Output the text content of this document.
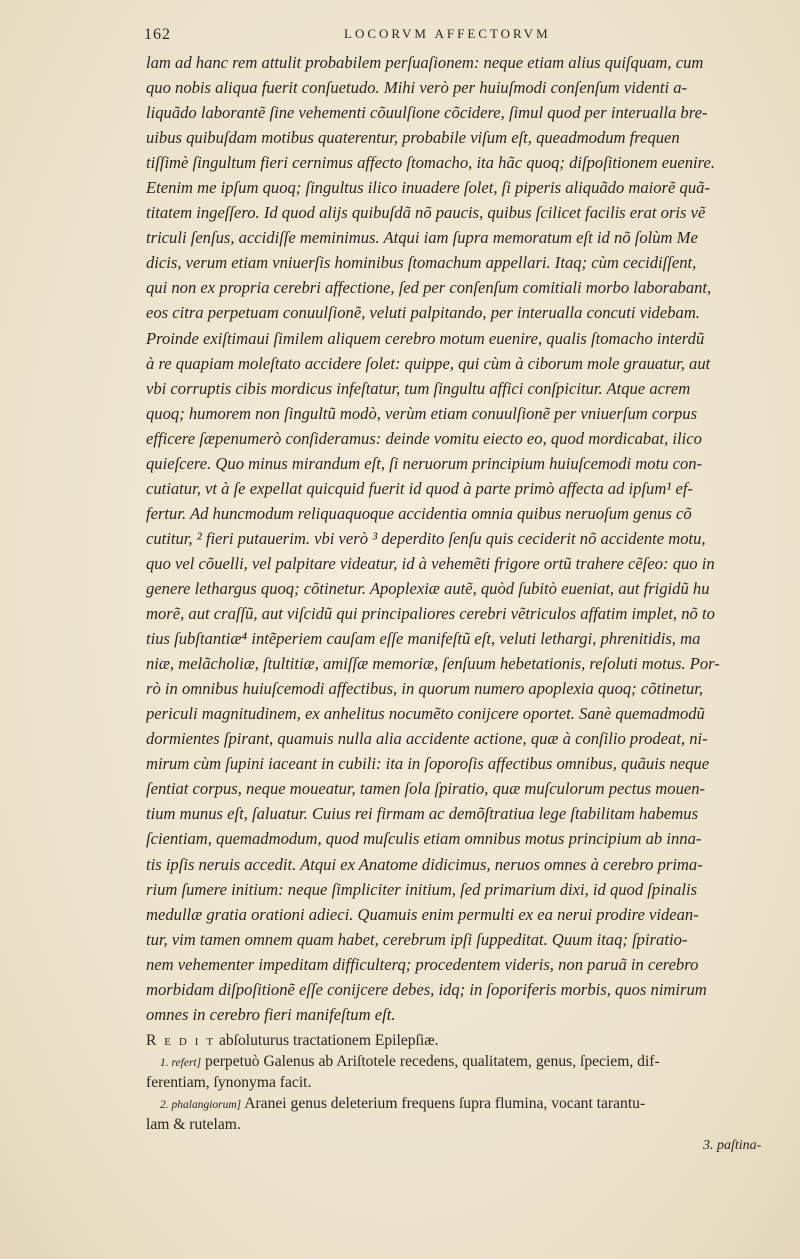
162	LOCORVM AFFECTORVM
lam ad hanc rem attulit probabilem perſuaſionem: neque etiam alius quiſquam, cum
quo nobis aliqua fuerit conſuetudo. Mihi verò per huiuſmodi conſenſum videnti a-
liquãdo laborantẽ ſine vehementi cõuulſione cõcidere, ſimul quod per interualla bre-
uibus quibuſdam motibus quaterentur, probabile viſum eſt, queadmodum frequen
tiſſimè ſingultum fieri cernimus affecto ſtomacho, ita hãc quoq; diſpoſitionem euenire.
Etenim me ipſum quoq; ſingultus ilico inuadere ſolet, ſi piperis aliquãdo maiorẽ quã-
titatem ingeſſero. Id quod alijs quibuſdã nõ paucis, quibus ſcilicet facilis erat oris vẽ
triculi ſenſus, accidiſſe meminimus. Atqui iam ſupra memoratum eſt id nõ ſolùm Me
dicis, verum etiam vniuerſis hominibus ſtomachum appellari. Itaq; cùm cecidiſſent,
qui non ex propria cerebri affectione, ſed per conſenſum comitiali morbo laborabant,
eos citra perpetuam conuulſionẽ, veluti palpitando, per interualla concuti videbam.
Proinde exiſtimaui ſimilem aliquem cerebro motum euenire, qualis ſtomacho interdũ
à re quapiam moleſtato accidere ſolet: quippe, qui cùm à ciborum mole grauatur, aut
vbi corruptis cibis mordicus infeſtatur, tum ſingultu affici conſpicitur. Atque acrem
quoq; humorem non ſingultũ modò, verùm etiam conuulſionẽ per vniuerſum corpus
efficere ſæpenumerò conſideramus: deinde vomitu eiecto eo, quod mordicabat, ilico
quieſcere. Quo minus mirandum eſt, ſi neruorum principium huiuſcemodi motu con-
cutiatur, vt à ſe expellat quicquid fuerit id quod à parte primò affecta ad ipſum¹ ef-
fertur. Ad huncmodum reliquaquoque accidentia omnia quibus neruoſum genus cõ
cutitur, ² fieri putauerim. vbi verò ³ deperdito ſenſu quis ceciderit nõ accidente motu,
quo vel cõuelli, vel palpitare videatur, id à vehemẽti frigore ortũ trahere cẽſeo: quo in
genere lethargus quoq; cõtinetur. Apoplexiæ autẽ, quòd ſubitò eueniat, aut frigidũ hu
morẽ, aut craſſũ, aut viſcidũ qui principaliores cerebri vẽtriculos affatim implet, nõ to
tius ſubſtantiæ⁴ intẽperiem cauſam eſſe manifeſtũ eſt, veluti lethargi, phrenitidis, ma
niæ, melãcholiæ, ſtultitiæ, amiſſæ memoriæ, ſenſuum hebetationis, reſoluti motus. Por-
rò in omnibus huiuſcemodi affectibus, in quorum numero apoplexia quoq; cõtinetur,
periculi magnitudinem, ex anhelitus nocumẽto conijcere oportet. Sanè quemadmodũ
dormientes ſpirant, quamuis nulla alia accidente actione, quæ à conſilio prodeat, ni-
mirum cùm ſupini iaceant in cubili: ita in ſoporoſis affectibus omnibus, quãuis neque
ſentiat corpus, neque moueatur, tamen ſola ſpiratio, quæ muſculorum pectus mouen-
tium munus eſt, ſaluatur. Cuius rei firmam ac demõſtratiua lege ſtabilitam habemus
ſcientiam, quemadmodum, quod muſculis etiam omnibus motus principium ab inna-
tis ipſis neruis accedit. Atqui ex Anatome didicimus, neruos omnes à cerebro prima-
rium ſumere initium: neque ſimpliciter initium, ſed primarium dixi, id quod ſpinalis
medullæ gratia orationi adieci. Quamuis enim permulti ex ea nerui prodire videan-
tur, vim tamen omnem quam habet, cerebrum ipſi ſuppeditat. Quum itaq; ſpiratio-
nem vehementer impeditam difficulterq; procedentem videris, non paruã in cerebro
morbidam diſpoſitionẽ eſſe conijcere debes, idq; in ſoporiferis morbis, quos nimirum
omnes in cerebro fieri manifeſtum eſt.
R e d i t abſoluturus tractationem Epilepſiæ.
1. refert] perpetuò Galenus ab Ariſtotele recedens, qualitatem, genus, ſpeciem, dif-
ferentiam, ſynonyma facit.
2. phalangiorum] Aranei genus deleterium frequens ſupra flumina, vocant tarantu-
lam & rutelam.
3. paſtina-
